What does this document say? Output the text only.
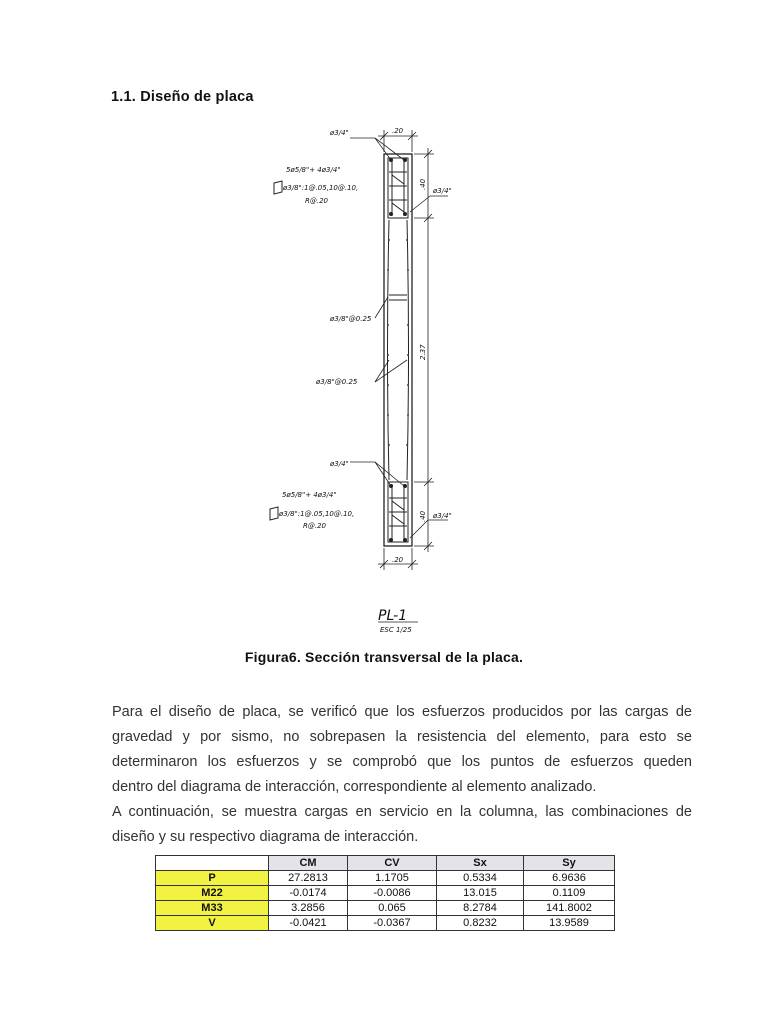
1.1. Diseño de placa
ø3/4"
5ø5/8"+ 4ø3/4"
ø3/8":1@.05,10@.10,
R@.20
ø3/4"
ø3/8"@0.25
ø3/8"@0.25
ø3/4"
5ø5/8"+ 4ø3/4"
ø3/8":1@.05,10@.10,
R@.20
ø3/4"
.20
.20
.40
2.37
.40
PL-1
ESC 1/25
Figura6. Sección transversal de la placa.

Para el diseño de placa, se verificó que los esfuerzos producidos por las cargas de

gravedad y por sismo, no sobrepasen la resistencia del elemento, para esto se

determinaron los esfuerzos y se comprobó que los puntos de esfuerzos queden

dentro del diagrama de interacción, correspondiente al elemento analizado.

A continuación, se muestra cargas en servicio en la columna, las combinaciones de

diseño y su respectivo diagrama de interacción.

	CM	CV	Sx	Sy
P	27.2813	1.1705	0.5334	6.9636
M22	-0.0174	-0.0086	13.015	0.1109
M33	3.2856	0.065	8.2784	141.8002
V	-0.0421	-0.0367	0.8232	13.9589
